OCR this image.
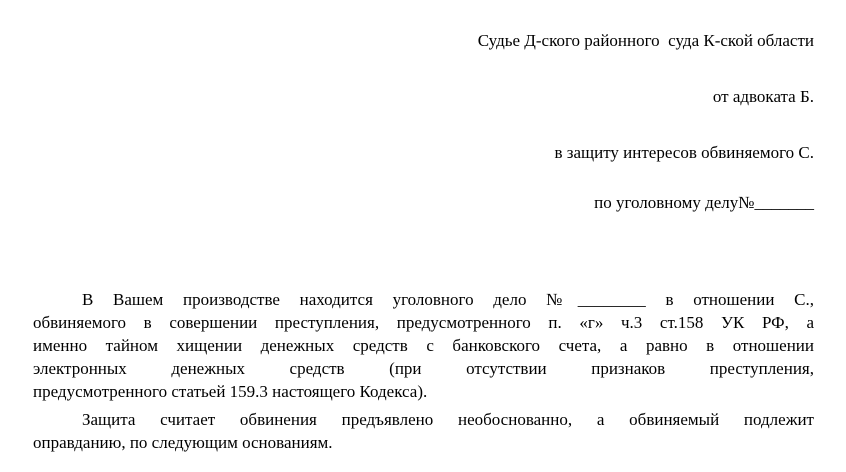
Судье Д-ского районного  суда К-ской области
от адвоката Б.
в защиту интересов обвиняемого С.
по уголовному делу№_______
В Вашем производстве находится уголовного дело №________ в отношении С.,
обвиняемого в совершении преступления, предусмотренного п. «г» ч.3 ст.158 УК РФ, а
именно тайном хищении денежных средств с банковского счета, а равно в отношении
электронных денежных средств (при отсутствии признаков преступления,
предусмотренного статьей 159.3 настоящего Кодекса).
Защита считает обвинения предъявлено необоснованно, а обвиняемый подлежит
оправданию, по следующим основаниям.
